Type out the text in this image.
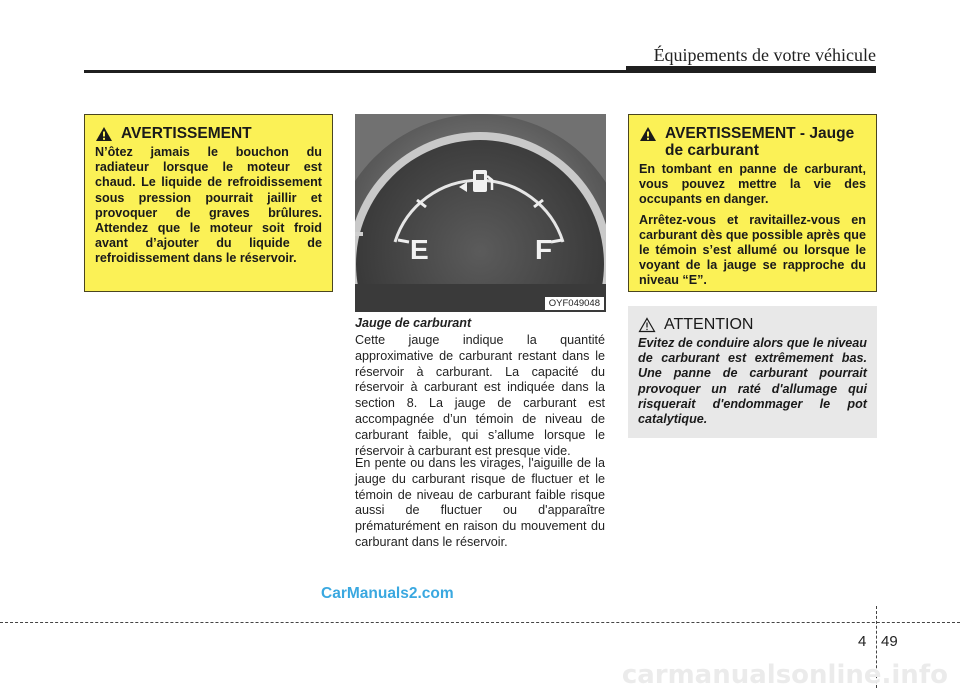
Équipements de votre véhicule
AVERTISSEMENT

N’ôtez jamais le bouchon du radiateur lorsque le moteur est chaud. Le liquide de refroidissement sous pression pourrait jaillir et provoquer de graves brûlures. Attendez que le moteur soit froid avant d’ajouter du liquide de refroidissement dans le réservoir.	E	F
OYF049048
Jauge de carburant

Cette jauge indique la quantité approximative de carburant restant dans le réservoir à carburant. La capacité du réservoir à carburant est indiquée dans la section 8. La jauge de carburant est accompagnée d’un témoin de niveau de carburant faible, qui s’allume lorsque le réservoir à carburant est presque vide.

En pente ou dans les virages, l'aiguille de la jauge du carburant risque de fluctuer et le témoin de niveau de carburant faible risque aussi de fluctuer ou d'apparaître prématurément en raison du mouvement du carburant dans le réservoir.

AVERTISSEMENT - Jauge de carburant

En tombant en panne de carburant, vous pouvez mettre la vie des occupants en danger.

Arrêtez-vous et ravitaillez-vous en carburant dès que possible après que le témoin s’est allumé ou lorsque le voyant de la jauge se rapproche du niveau “E”.

ATTENTION

Evitez de conduire alors que le niveau de carburant est extrêmement bas. Une panne de carburant pourrait provoquer un raté d'allumage qui risquerait d'endommager le pot catalytique.

CarManuals2.com
4 49
carmanualsonline.info
